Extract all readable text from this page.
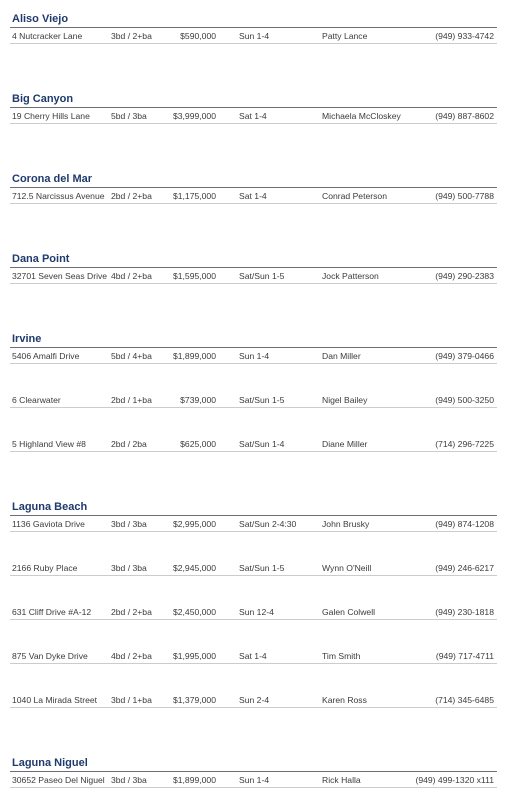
Aliso Viejo
4 Nutcracker Lane	3bd / 2+ba	$590,000	Sun 1-4	Patty Lance	(949) 933-4742
Big Canyon
19 Cherry Hills Lane 5bd / 3ba	$3,999,000	Sat 1-4	Michaela McCloskey	(949) 887-8602
Corona del Mar
712.5 Narcissus Avenue 2bd / 2+ba $1,175,000	Sat 1-4	Conrad Peterson	(949) 500-7788
Dana Point
32701 Seven Seas Drive 4bd / 2+ba $1,595,000	Sat/Sun 1-5	Jock Patterson	(949) 290-2383
Irvine
5406 Amalfi Drive	5bd / 4+ba $1,899,000	Sun 1-4	Dan Miller	(949) 379-0466
6 Clearwater	2bd / 1+ba	$739,000	Sat/Sun 1-5	Nigel Bailey	(949) 500-3250
5 Highland View #8	2bd / 2ba	$625,000	Sat/Sun 1-4	Diane Miller	(714) 296-7225
Laguna Beach
1136 Gaviota Drive	3bd / 3ba	$2,995,000	Sat/Sun 2-4:30	John Brusky	(949) 874-1208
2166 Ruby Place	3bd / 3ba	$2,945,000	Sat/Sun 1-5	Wynn O'Neill	(949) 246-6217
631 Cliff Drive #A-12 2bd / 2+ba $2,450,000	Sun 12-4	Galen Colwell	(949) 230-1818
875 Van Dyke Drive	4bd / 2+ba $1,995,000	Sat 1-4	Tim Smith	(949) 717-4711
1040 La Mirada Street 3bd / 1+ba $1,379,000	Sun 2-4	Karen Ross	(714) 345-6485
Laguna Niguel
30652 Paseo Del Niguel 3bd / 3ba	$1,899,000	Sun 1-4	Rick Halla	(949) 499-1320 x111
